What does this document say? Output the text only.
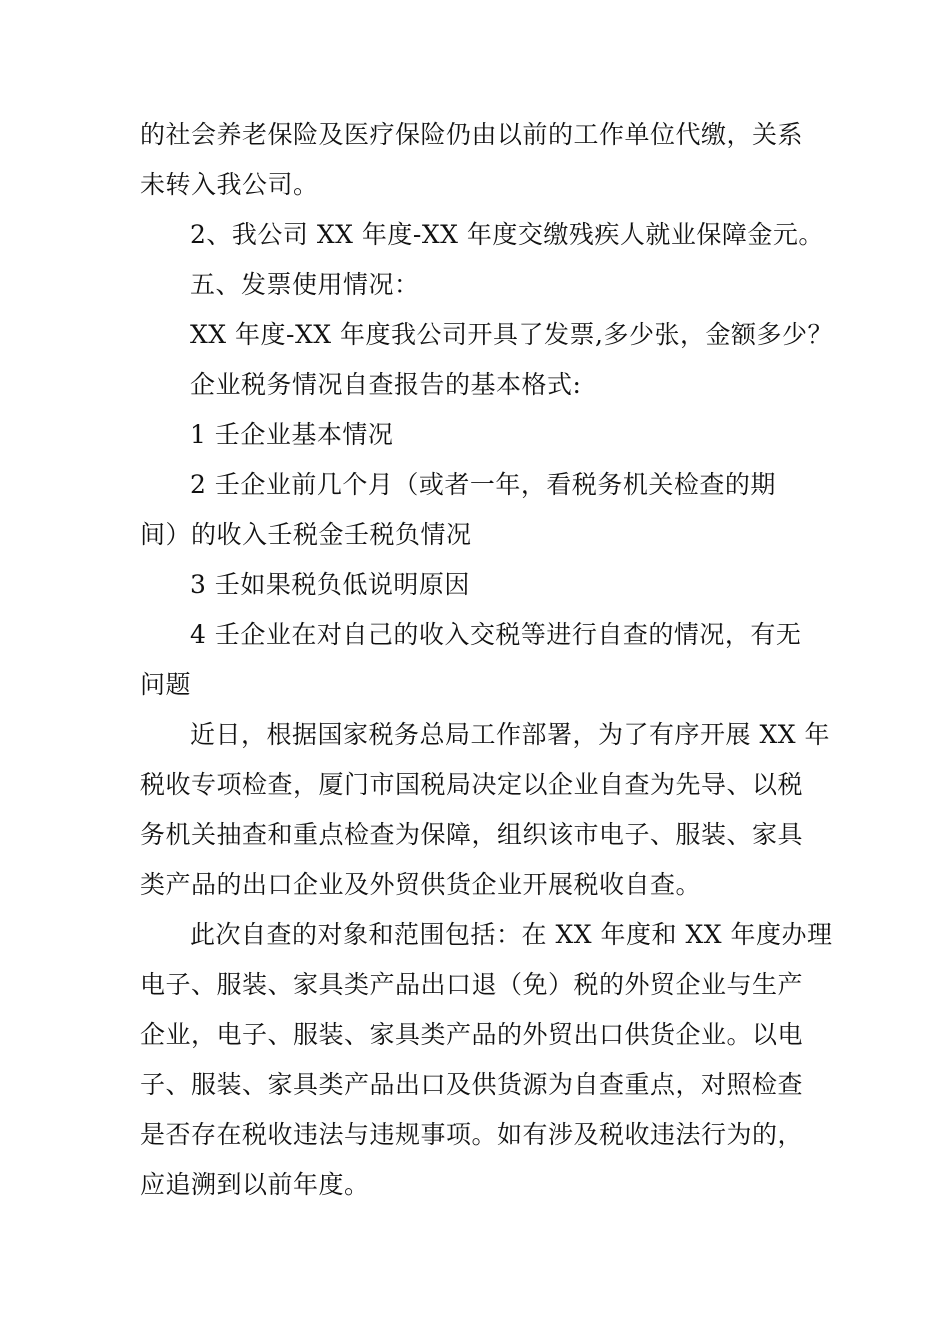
的社会养老保险及医疗保险仍由以前的工作单位代缴，关系
未转入我公司。
2、我公司 XX 年度-XX 年度交缴残疾人就业保障金元。
五、发票使用情况：
XX 年度-XX 年度我公司开具了发票,多少张，金额多少？
企业税务情况自查报告的基本格式:
1 壬企业基本情况
2 壬企业前几个月（或者一年，看税务机关检查的期
间）的收入壬税金壬税负情况
3 壬如果税负低说明原因
4 壬企业在对自己的收入交税等进行自查的情况，有无
问题
近日，根据国家税务总局工作部署，为了有序开展 XX 年
税收专项检查，厦门市国税局决定以企业自查为先导、以税
务机关抽查和重点检查为保障，组织该市电子、服装、家具
类产品的出口企业及外贸供货企业开展税收自查。
此次自查的对象和范围包括：在 XX 年度和 XX 年度办理
电子、服装、家具类产品出口退（免）税的外贸企业与生产
企业，电子、服装、家具类产品的外贸出口供货企业。以电
子、服装、家具类产品出口及供货源为自查重点，对照检查
是否存在税收违法与违规事项。如有涉及税收违法行为的，
应追溯到以前年度。
